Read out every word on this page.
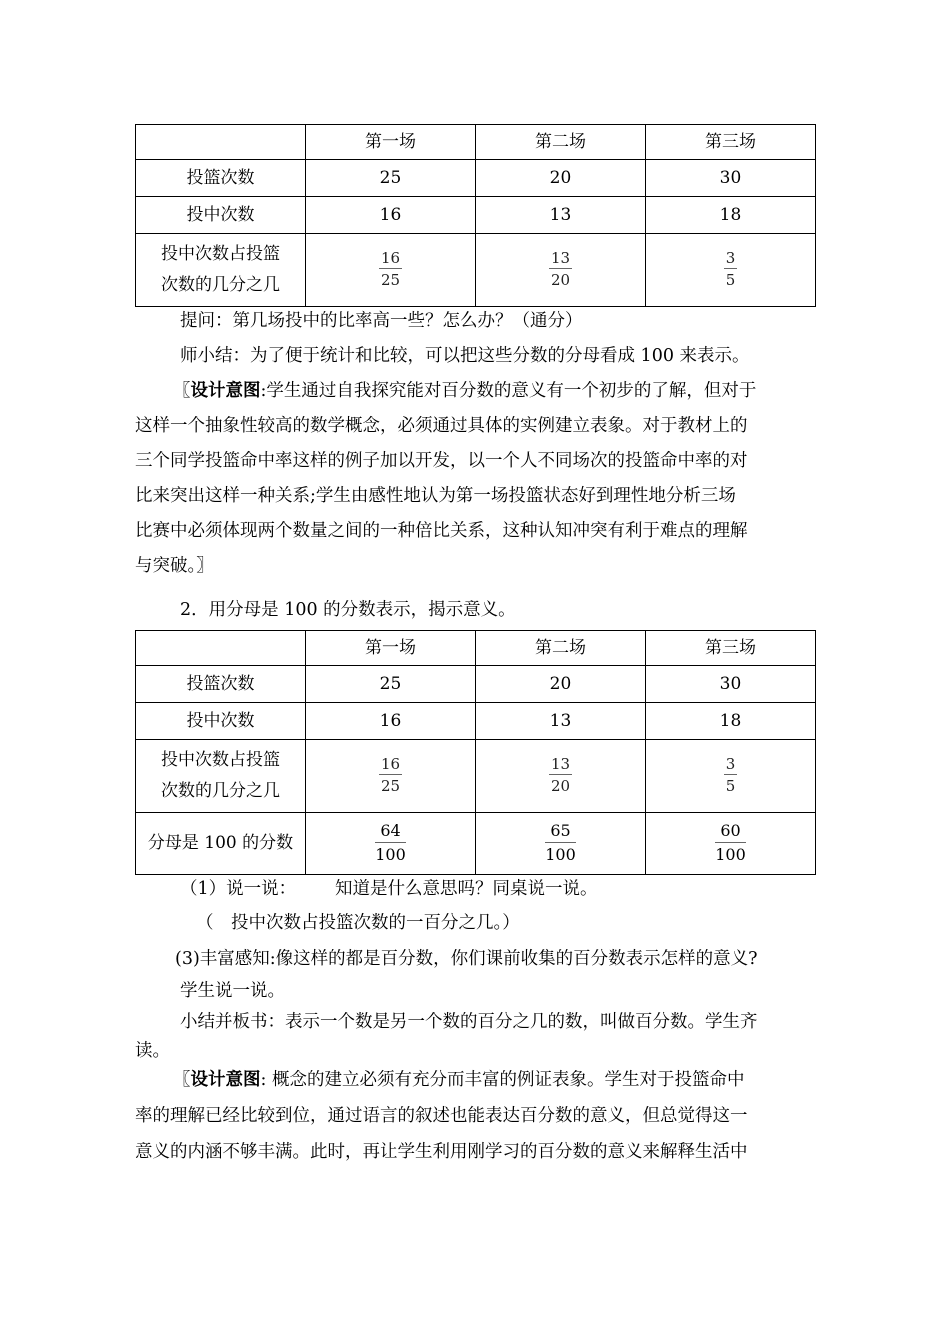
	第一场	第二场	第三场
投篮次数	25	20	30
投中次数	16	13	18
投中次数占投篮
次数的几分之几	$\frac{16}{25}$	$\frac{13}{20}$	$\frac{3}{5}$
提问：第几场投中的比率高一些？怎么办？（通分）
师小结：为了便于统计和比较，可以把这些分数的分母看成 100 来表示。
〖设计意图:学生通过自我探究能对百分数的意义有一个初步的了解，但对于
这样一个抽象性较高的数学概念，必须通过具体的实例建立表象。对于教材上的
三个同学投篮命中率这样的例子加以开发，以一个人不同场次的投篮命中率的对
比来突出这样一种关系;学生由感性地认为第一场投篮状态好到理性地分析三场
比赛中必须体现两个数量之间的一种倍比关系，这种认知冲突有利于难点的理解
与突破。〗
2．用分母是 100 的分数表示，揭示意义。
	第一场	第二场	第三场
投篮次数	25	20	30
投中次数	16	13	18
投中次数占投篮
次数的几分之几	$\frac{16}{25}$	$\frac{13}{20}$	$\frac{3}{5}$

分母是 100 的分数	$\frac{64}{100}$	$\frac{65}{100}$	$\frac{60}{100}$
（1）说一说： 知道是什么意思吗？同桌说一说。
（　投中次数占投篮次数的一百分之几。）
(3)丰富感知:像这样的都是百分数，你们课前收集的百分数表示怎样的意义?
学生说一说。
小结并板书：表示一个数是另一个数的百分之几的数，叫做百分数。学生齐
读。
〖设计意图: 概念的建立必须有充分而丰富的例证表象。学生对于投篮命中
率的理解已经比较到位，通过语言的叙述也能表达百分数的意义，但总觉得这一
意义的内涵不够丰满。此时，再让学生利用刚学习的百分数的意义来解释生活中
